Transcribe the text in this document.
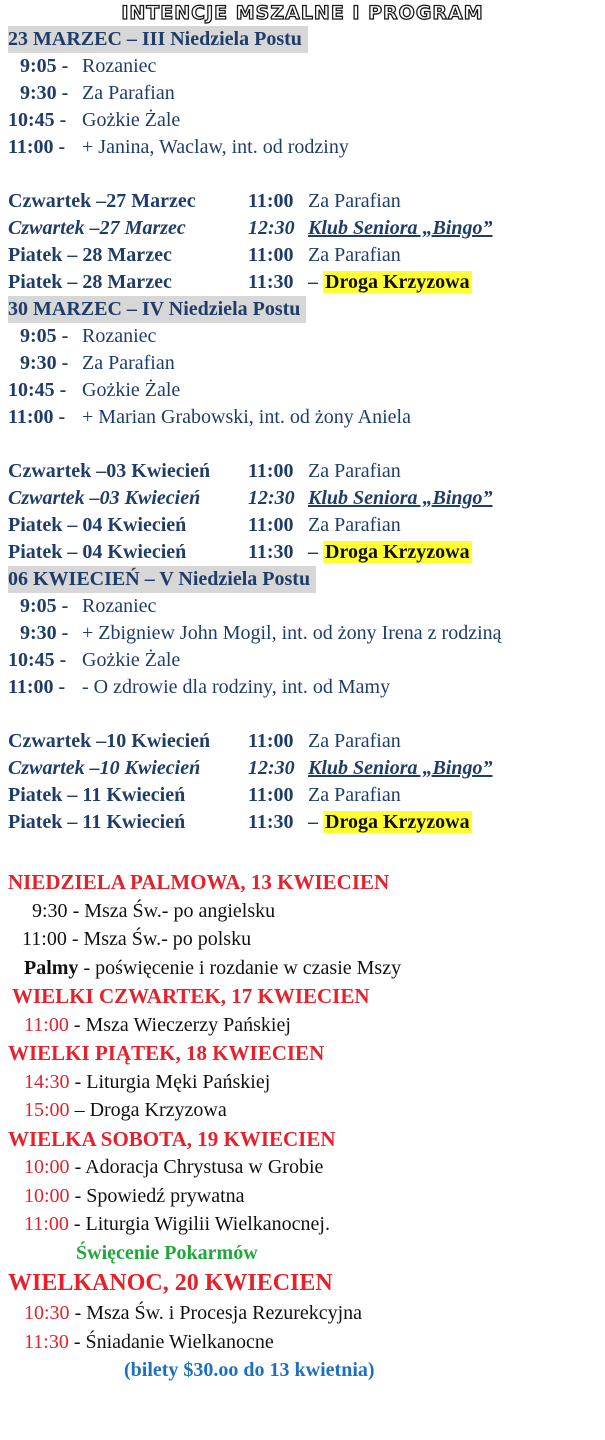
INTENCJE MSZALNE I PROGRAM
23 MARZEC – III Niedziela Postu
9:05 - Rozaniec
9:30 - Za Parafian
10:45 - Gożkie Żale
11:00 - + Janina, Waclaw, int. od rodziny
Czwartek –27 Marzec	11:00 Za Parafian
Czwartek –27 Marzec	12:30 Klub Seniora „Bingo”
Piatek – 28 Marzec	11:00 Za Parafian
Piatek – 28 Marzec	11:30 – Droga Krzyzowa
30 MARZEC – IV Niedziela Postu
9:05 - Rozaniec
9:30 - Za Parafian
10:45 - Gożkie Żale
11:00 - + Marian Grabowski, int. od żony Aniela
Czwartek –03 Kwiecień 11:00 Za Parafian
Czwartek –03 Kwiecień 12:30 Klub Seniora „Bingo”
Piatek – 04 Kwiecień	11:00 Za Parafian
Piatek – 04 Kwiecień	11:30 – Droga Krzyzowa
06 KWIECIEŃ – V Niedziela Postu
9:05 - Rozaniec
9:30 - + Zbigniew John Mogil, int. od żony Irena z rodziną
10:45 - Gożkie Żale
11:00 - - O zdrowie dla rodziny, int. od Mamy
Czwartek –10 Kwiecień 11:00 Za Parafian
Czwartek –10 Kwiecień 12:30 Klub Seniora „Bingo”
Piatek – 11 Kwiecień	11:00 Za Parafian
Piatek – 11 Kwiecień	11:30 – Droga Krzyzowa
NIEDZIELA PALMOWA, 13 KWIECIEN
9:30 - Msza Św.- po angielsku
11:00 - Msza Św.- po polsku
Palmy - poświęcenie i rozdanie w czasie Mszy
WIELKI CZWARTEK, 17 KWIECIEN
11:00 - Msza Wieczerzy Pańskiej
WIELKI PIĄTEK, 18 KWIECIEN
14:30 - Liturgia Męki Pańskiej
15:00 – Droga Krzyzowa
WIELKA SOBOTA, 19 KWIECIEN
10:00 - Adoracja Chrystusa w Grobie
10:00 - Spowiedź prywatna
11:00 - Liturgia Wigilii Wielkanocnej.
Święcenie Pokarmów
WIELKANOC, 20 KWIECIEN
10:30 - Msza Św. i Procesja Rezurekcyjna
11:30 - Śniadanie Wielkanocne
(bilety $30.oo do 13 kwietnia)
